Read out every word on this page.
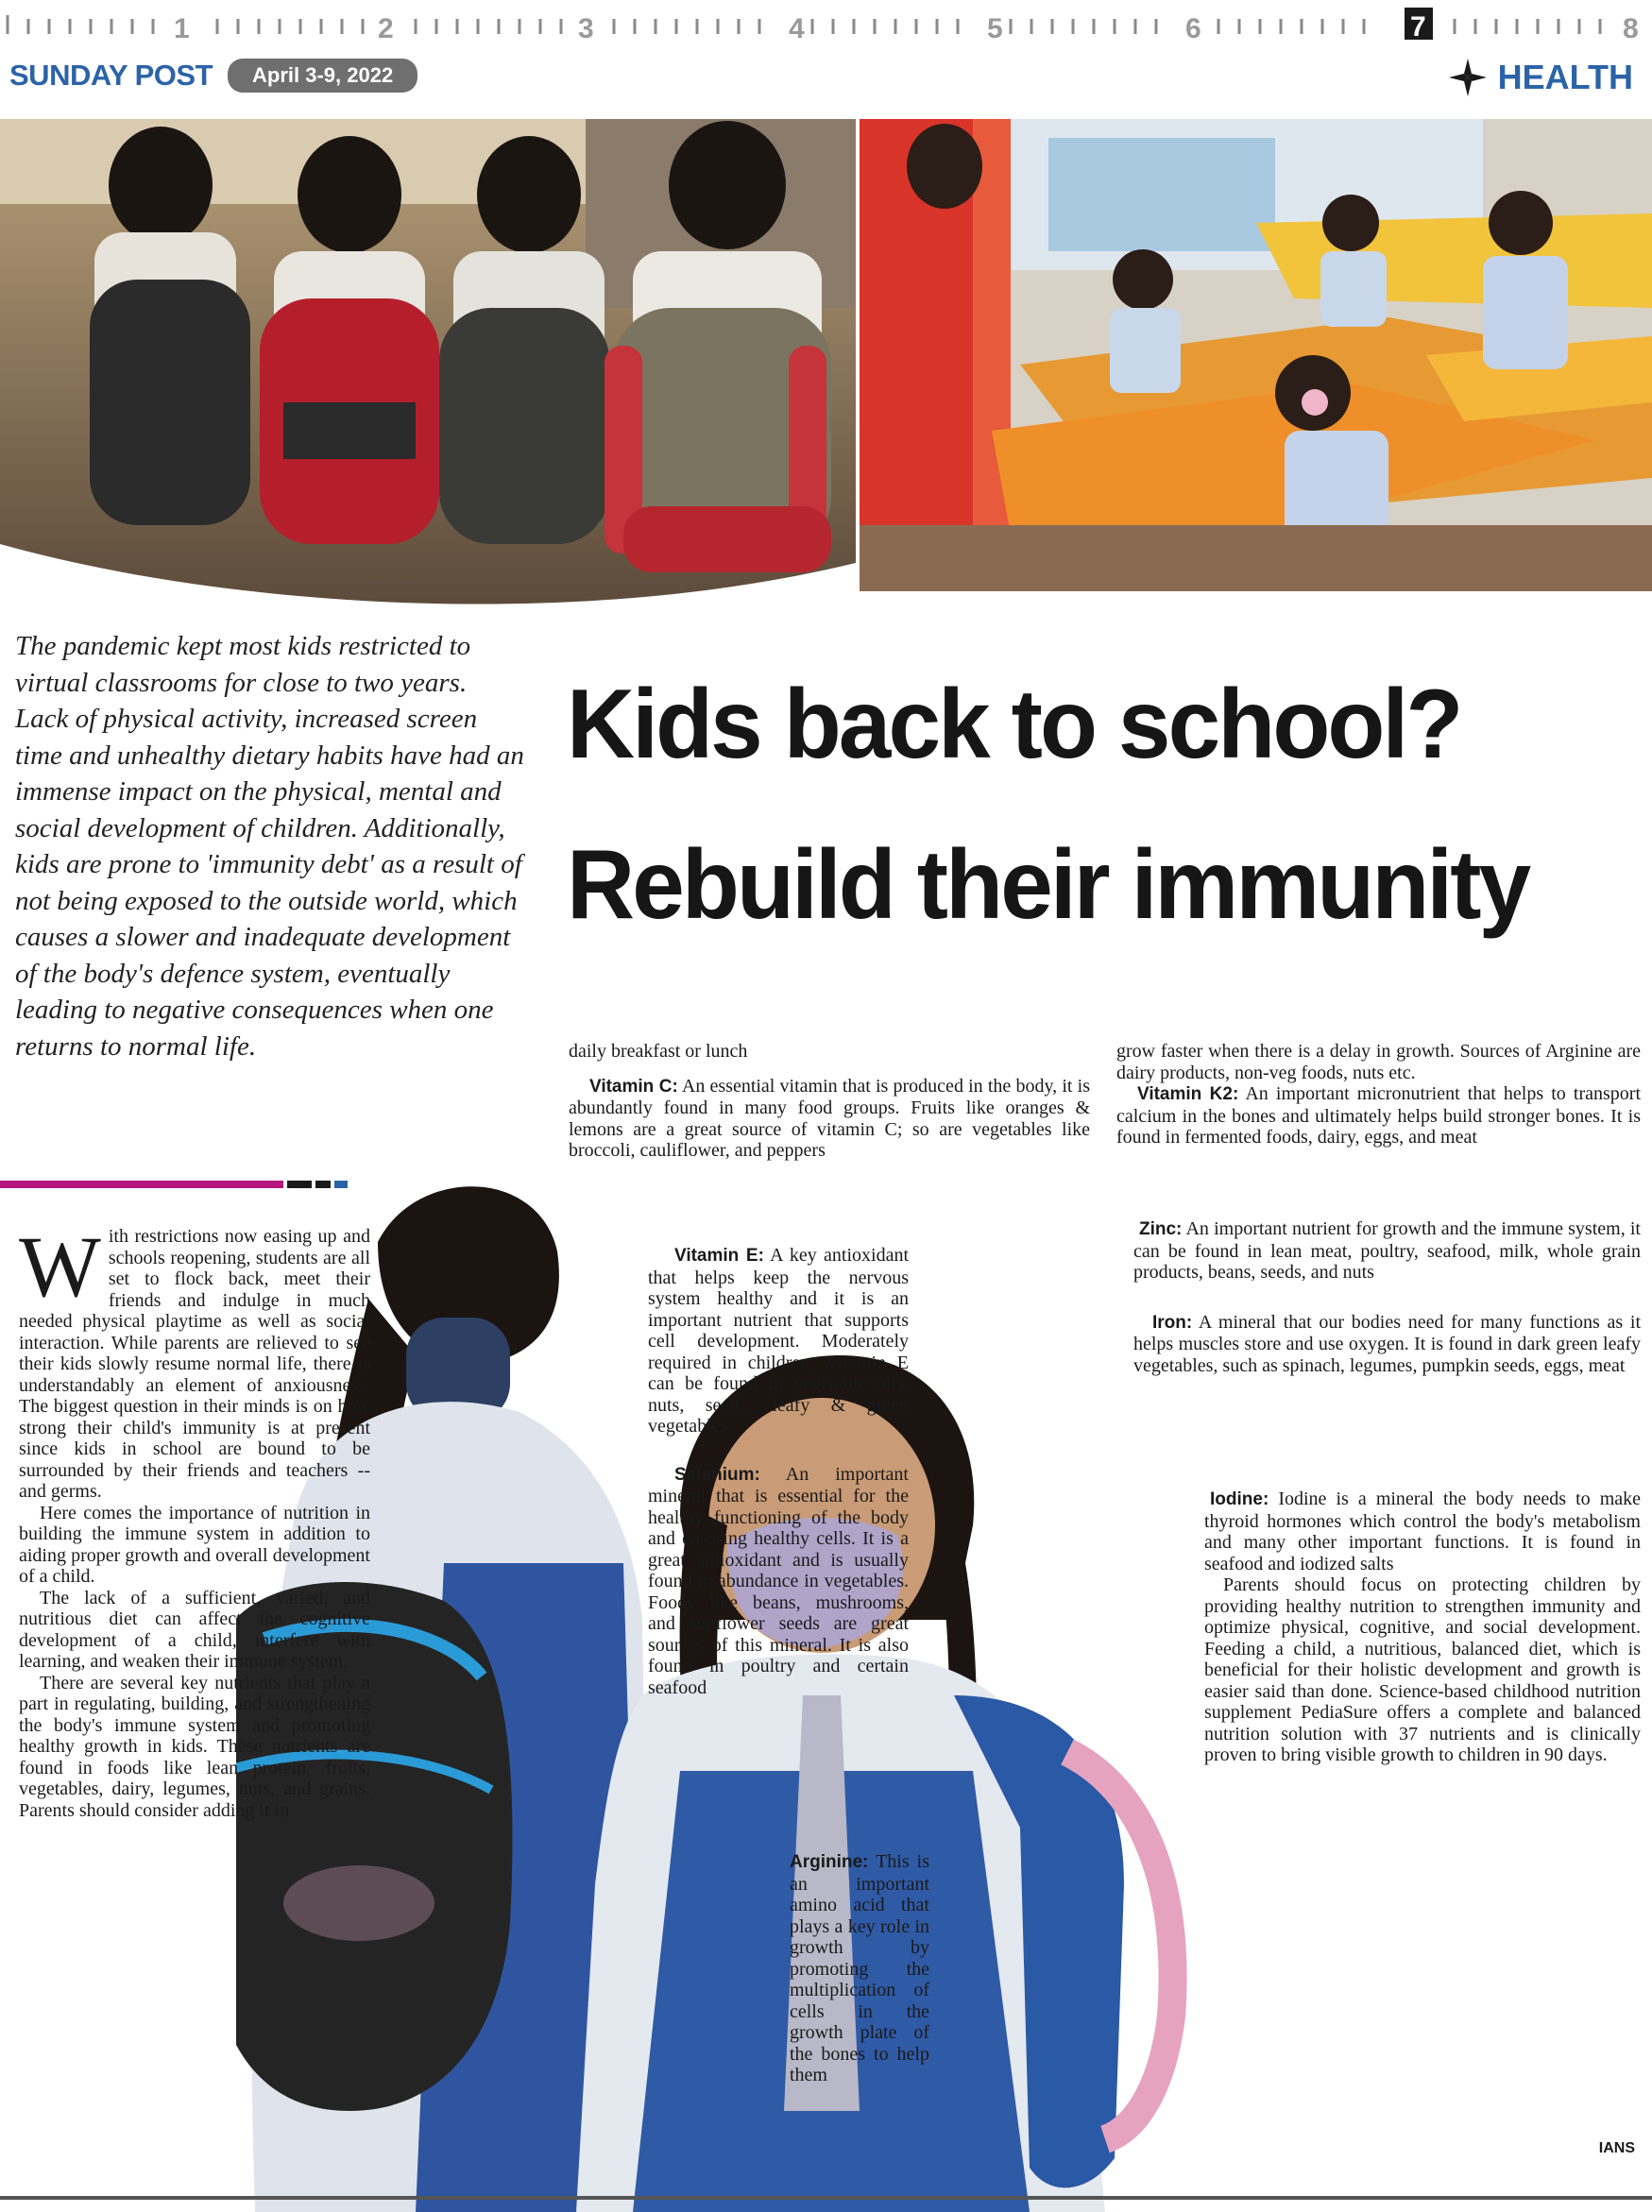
1	2	3	4	5	6	7	8
SUNDAY POST	April 3-9, 2022	HEALTH
The pandemic kept most kids restricted to virtual classrooms for close to two years. Lack of physical activity, increased screen time and unhealthy dietary habits have had an immense impact on the physical, mental and social development of children. Additionally, kids are prone to 'immunity debt' as a result of not being exposed to the outside world, which causes a slower and inadequate development of the body's defence system, eventually leading to negative consequences when one returns to normal life.
Kids back to school?
Rebuild their immunity

With restrictions now easing up and schools reopening, students are all set to flock back, meet their friends and indulge in much needed physical playtime as well as social interaction. While parents are relieved to see their kids slowly resume normal life, there is understandably an element of anxiousness. The biggest question in their minds is on how strong their child's immunity is at present since kids in school are bound to be surrounded by their friends and teachers -- and germs.

Here comes the importance of nutrition in building the immune system in addition to aiding proper growth and overall development of a child.

The lack of a sufficient, varied, and nutritious diet can affect the cognitive development of a child, interfere with learning, and weaken their immune system.

There are several key nutrients that play a part in regulating, building, and strengthening the body's immune system and promoting healthy growth in kids. These nutrients are found in foods like lean protein, fruits, vegetables, dairy, legumes, nuts, and grains. Parents should consider adding it in

daily breakfast or lunch

Vitamin C: An essential vitamin that is produced in the body, it is abundantly found in many food groups. Fruits like oranges & lemons are a great source of vitamin C; so are vegetables like broccoli, cauliflower, and peppers

Vitamin E: A key antioxidant that helps keep the nervous system healthy and it is an important nutrient that supports cell development. Moderately required in children, Vitamin E can be found in vegetable oils, nuts, seeds, leafy & green vegetables

Selenium: An important mineral that is essential for the healthy functioning of the body and ensuring healthy cells. It is a great antioxidant and is usually found in abundance in vegetables. Foods like beans, mushrooms, and sunflower seeds are great sources of this mineral. It is also found in poultry and certain seafood

Arginine: This is an important amino acid that plays a key role in growth by promoting the multiplication of cells in the growth plate of the bones to help them

grow faster when there is a delay in growth. Sources of Arginine are dairy products, non-veg foods, nuts etc.

Vitamin K2: An important micronutrient that helps to transport calcium in the bones and ultimately helps build stronger bones. It is found in fermented foods, dairy, eggs, and meat

Zinc: An important nutrient for growth and the immune system, it can be found in lean meat, poultry, seafood, milk, whole grain products, beans, seeds, and nuts

Iron: A mineral that our bodies need for many functions as it helps muscles store and use oxygen. It is found in dark green leafy vegetables, such as spinach, legumes, pumpkin seeds, eggs, meat

Iodine: Iodine is a mineral the body needs to make thyroid hormones which control the body's metabolism and many other important functions. It is found in seafood and iodized salts

Parents should focus on protecting children by providing healthy nutrition to strengthen immunity and optimize physical, cognitive, and social development. Feeding a child, a nutritious, balanced diet, which is beneficial for their holistic development and growth is easier said than done. Science-based childhood nutrition supplement PediaSure offers a complete and balanced nutrition solution with 37 nutrients and is clinically proven to bring visible growth to children in 90 days.

IANS
